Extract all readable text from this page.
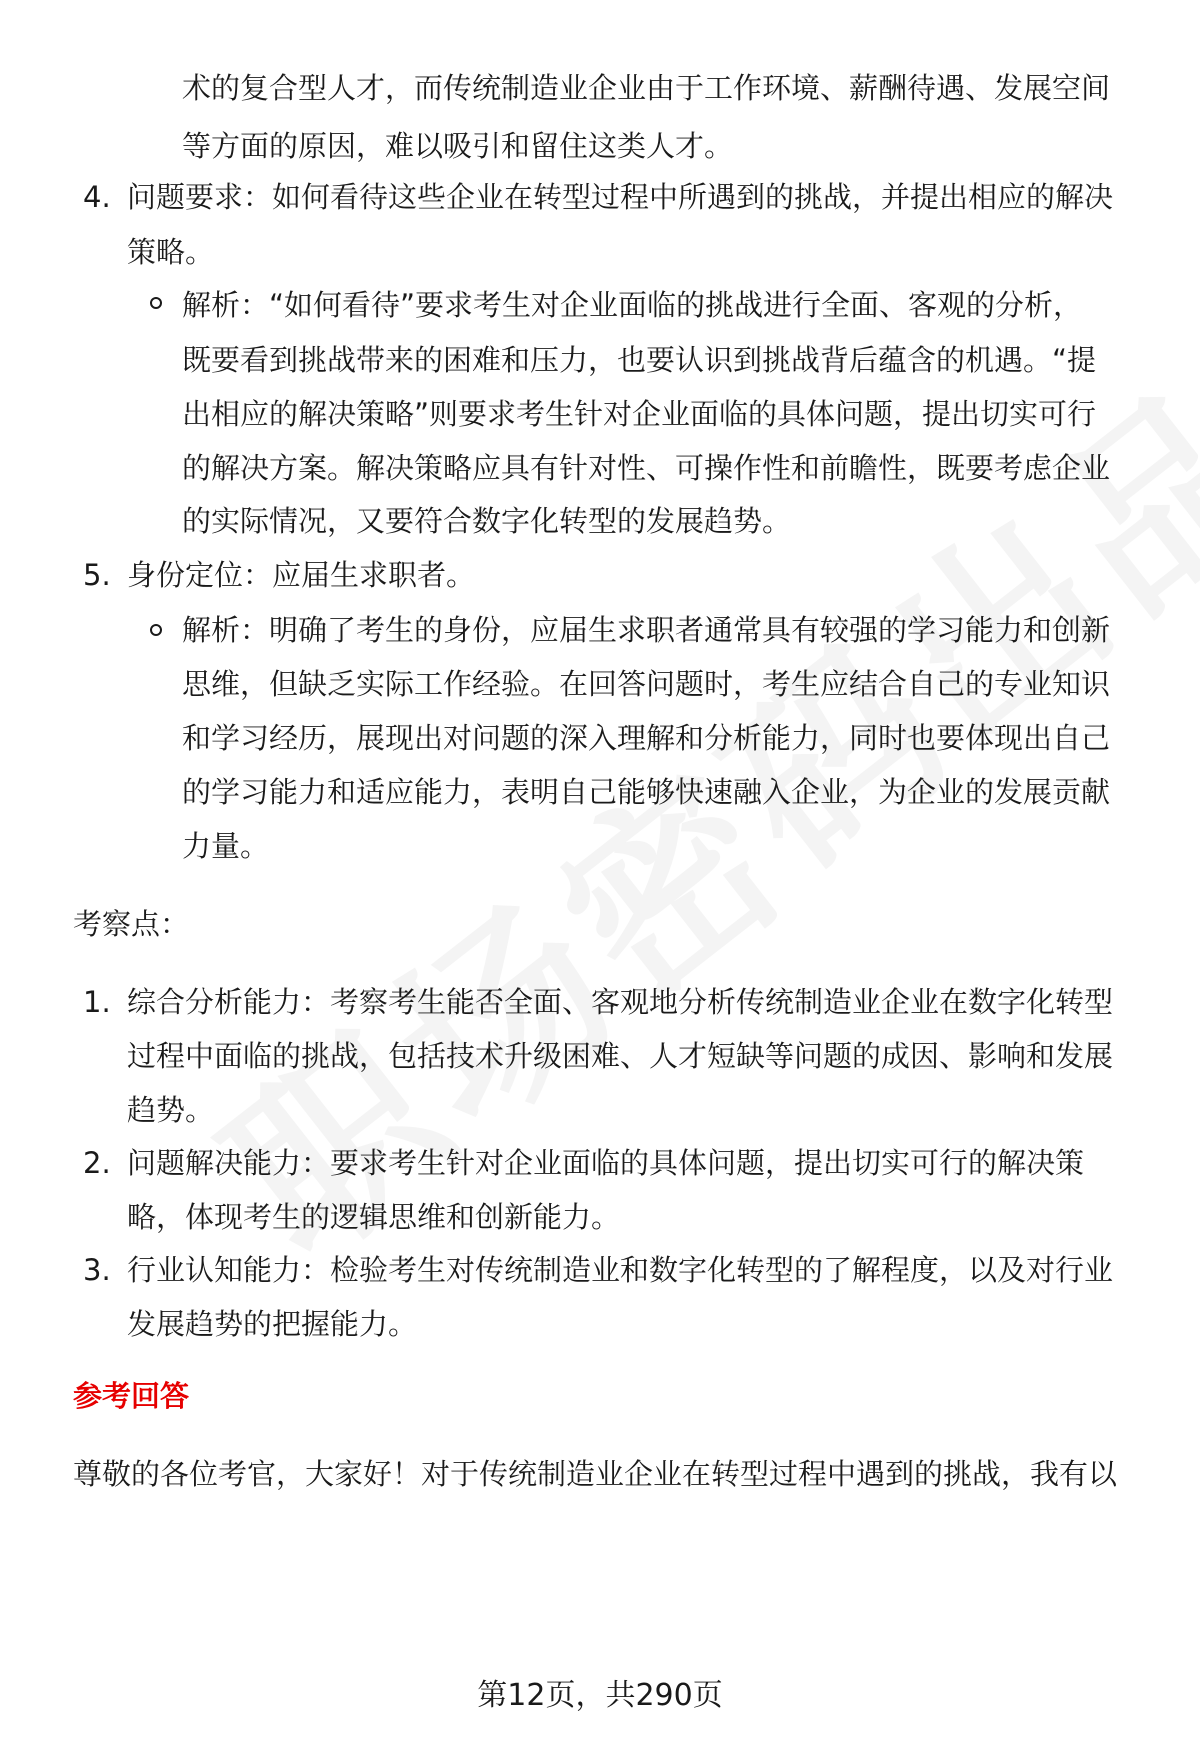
术的复合型人才，而传统制造业企业由于工作环境、薪酬待遇、发展空间

等方面的原因，难以吸引和留住这类人才。

4. 问题要求：如何看待这些企业在转型过程中所遇到的挑战，并提出相应的解决

策略。

解析：“如何看待”要求考生对企业面临的挑战进行全面、客观的分析，

既要看到挑战带来的困难和压力，也要认识到挑战背后蕴含的机遇。“提

出相应的解决策略”则要求考生针对企业面临的具体问题，提出切实可行

的解决方案。解决策略应具有针对性、可操作性和前瞻性，既要考虑企业

的实际情况，又要符合数字化转型的发展趋势。

5. 身份定位：应届生求职者。

解析：明确了考生的身份，应届生求职者通常具有较强的学习能力和创新

思维，但缺乏实际工作经验。在回答问题时，考生应结合自己的专业知识

和学习经历，展现出对问题的深入理解和分析能力，同时也要体现出自己

的学习能力和适应能力，表明自己能够快速融入企业，为企业的发展贡献

力量。

考察点：

1. 综合分析能力：考察考生能否全面、客观地分析传统制造业企业在数字化转型

过程中面临的挑战，包括技术升级困难、人才短缺等问题的成因、影响和发展

趋势。

2. 问题解决能力：要求考生针对企业面临的具体问题，提出切实可行的解决策

略，体现考生的逻辑思维和创新能力。

3. 行业认知能力：检验考生对传统制造业和数字化转型的了解程度，以及对行业

发展趋势的把握能力。

参考回答

尊敬的各位考官，大家好！对于传统制造业企业在转型过程中遇到的挑战，我有以

第12页，共290页
